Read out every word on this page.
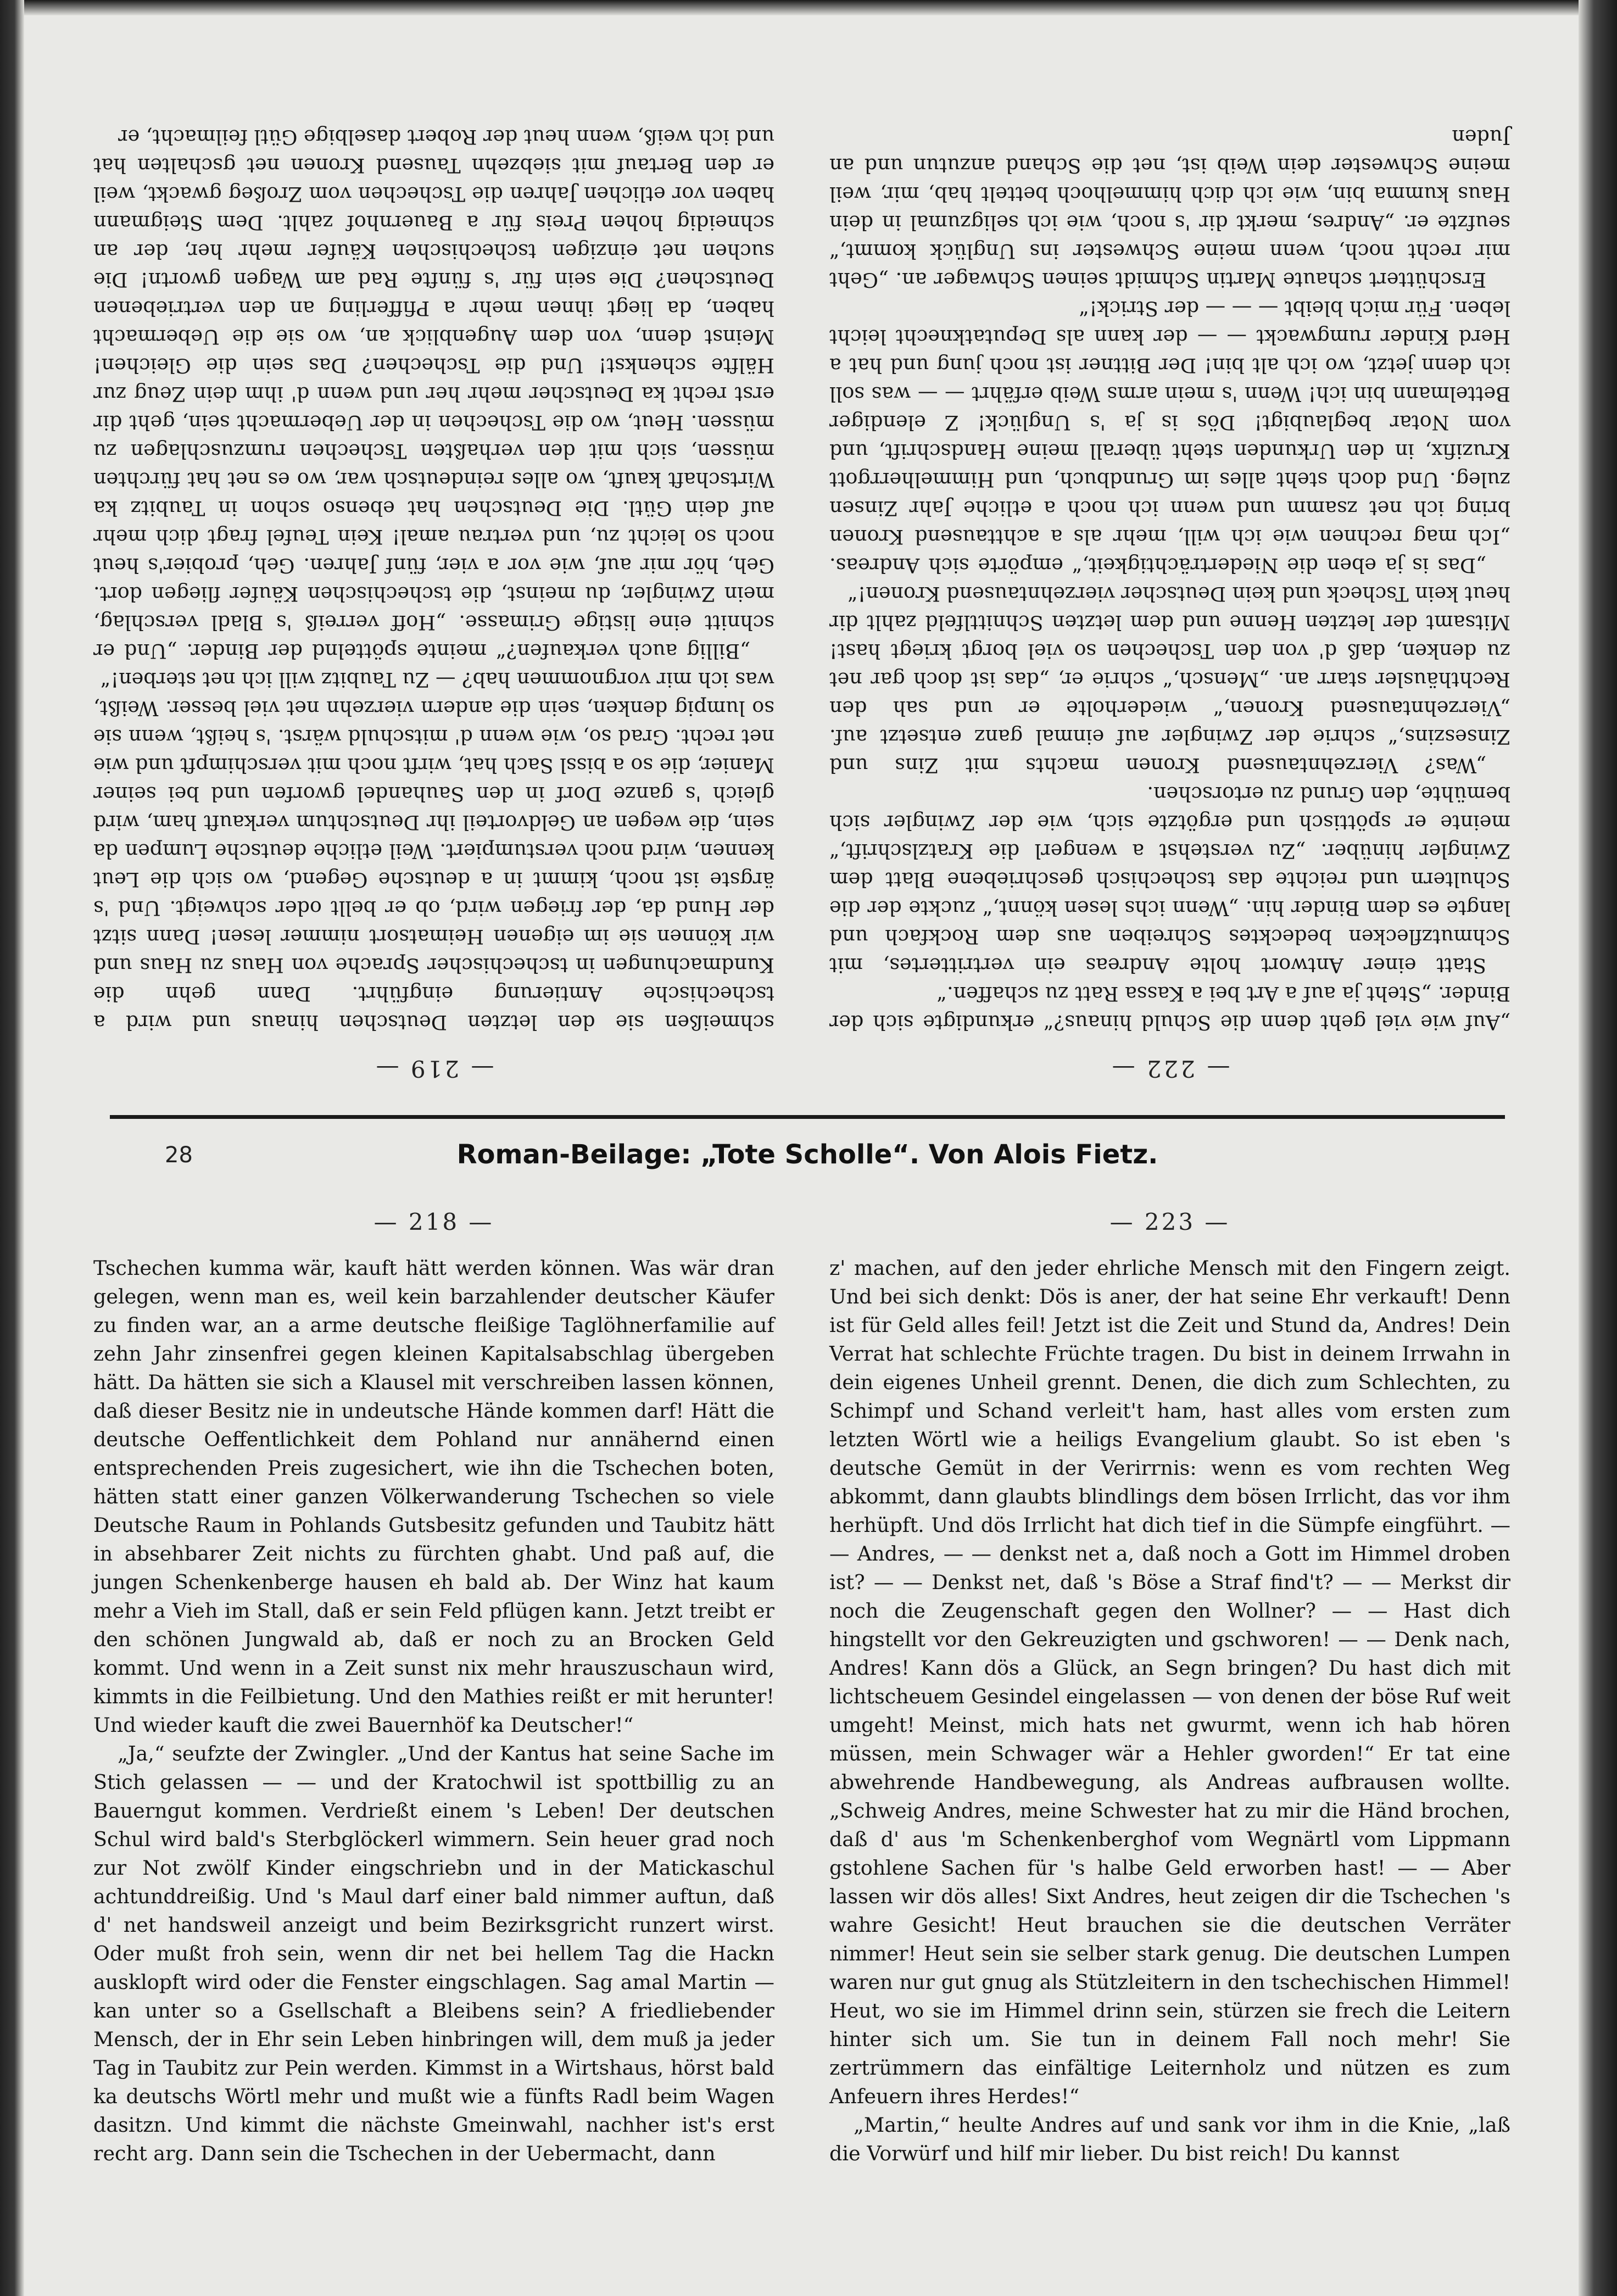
— 222 —

„Auf wie viel geht denn die Schuld hinaus?“ erkundigte sich der Binder. „Steht ja auf a Art bei a Kassa Ratt zu schaffen.“

Statt einer Antwort holte Andreas ein vertrittertes, mit Schmutzflecken bedecktes Schreiben aus dem Rockfach und langte es dem Binder hin. „Wenn ichs lesen könnt,“ zuckte der die Schultern und reichte das tschechisch geschriebene Blatt dem Zwingler hinüber. „Zu verstehst a wengerl die Kratzlschrift,“ meinte er spöttisch und ergötzte sich, wie der Zwingler sich bemühte, den Grund zu ertorschen.

„Was? Vierzehntausend Kronen machts mit Zins und Zinseszins,“ schrie der Zwingler auf einmal ganz entsetzt auf. „Vierzehntausend Kronen,“ wiederholte er und sah den Rechthäusler starr an. „Mensch,“ schrie er, „das ist doch gar net zu denken, daß d' von den Tschechen so viel borgt kriegt hast! Mitsamt der letzten Henne und dem letzten Schnittlfeld zahlt dir heut kein Tscheck und kein Deutscher vierzehntausend Kronen!“

„Das is ja eben die Niederträchtigkeit,“ empörte sich Andreas. „Ich mag rechnen wie ich will, mehr als a achttausend Kronen bring ich net zsamm und wenn ich noch a etliche Jahr Zinsen zuleg. Und doch steht alles im Grundbuch, und Himmelherrgott Kruzifix, in den Urkunden steht überall meine Handschrift, und vom Notar beglaubigt! Dös is ja 's Unglück! Z elendiger Bettelmann bin ich! Wenn 's mein arms Weib erfährt — — was soll ich denn jetzt, wo ich alt bin! Der Bittner ist noch jung und hat a Herd Kinder rumgwackt — — der kann als Deputatknecht leicht leben. Für mich bleibt — — — der Strick!“

Erschüttert schaute Martin Schmidt seinen Schwager an. „Geht mir recht noch, wenn meine Schwester ins Unglück kommt,“ seufzte er. „Andres, merkt dir 's noch, wie ich seligzumal in dein Haus kumma bin, wie ich dich himmelhoch bettelt hab, mir, weil meine Schwester dein Weib ist, net die Schand anzutun und an Juden

— 219 —

schmeißen sie den letzten Deutschen hinaus und wird a tschechische Amtierung eingführt. Dann gehn die Kundmachungen in tschechischer Sprache von Haus zu Haus und wir können sie im eigenen Heimatsort nimmer lesen! Dann sitzt der Hund da, der friegen wird, ob er bellt oder schweigt. Und 's ärgste ist noch, kimmt in a deutsche Gegend, wo sich die Leut kennen, wird noch verstumpiert. Weil etliche deutsche Lumpen da sein, die wegen an Geldvorteil ihr Deutschtum verkauft ham, wird gleich 's ganze Dorf in den Sauhandel gworfen und bei seiner Manier, die so a bissl Sach hat, wirft noch mit verschimpft und wie net recht. Grad so, wie wenn d' mitschuld wärst. 's heißt, wenn sie so lumpig denken, sein die andern vierzehn net viel besser. Weißt, was ich mir vorgnommen hab? — Zu Taubitz will ich net sterben!“

„Billig auch verkaufen?“ meinte spöttelnd der Binder. „Und er schnitt eine listige Grimasse. „Hoff verreiß 's Bladl verschlag, mein Zwingler, du meinst, die tschechischen Käufer fliegen dort. Geh, hör mir auf, wie vor a vier, fünf Jahren. Geh, probier's heut noch so leicht zu, und vertrau amal! Kein Teufel fragt dich mehr auf dein Gütl. Die Deutschen hat ebenso schon in Taubitz ka Wirtschaft kauft, wo alles reindeutsch war, wo es net hat fürchten müssen, sich mit den verhaßten Tschechen rumzuschlagen zu müssen. Heut, wo die Tschechen in der Uebermacht sein, geht dir erst recht ka Deutscher mehr her und wenn d' ihm dein Zeug zur Hälfte schenkst! Und die Tschechen? Das sein die Gleichen! Meinst denn, von dem Augenblick an, wo sie die Uebermacht haben, da liegt ihnen mehr a Pfifferling an den vertriebenen Deutschen? Die sein für 's fünfte Rad am Wagen gwortn! Die suchen net einzigen tschechischen Käufer mehr her, der an schneidig hohen Preis für a Bauernhof zahlt. Dem Steigmann haben vor etlichen Jahren die Tschechen vom Zroßeg gwackt, weil er den Bertauf mit siebzehn Tausend Kronen net gschalten hat und ich weiß, wenn heut der Robert daselbige Gütl feilmacht, er

28	Roman-Beilage: „Tote Scholle“. Von Alois Fietz.
— 218 —

Tschechen kumma wär, kauft hätt werden können. Was wär dran gelegen, wenn man es, weil kein barzahlender deutscher Käufer zu finden war, an a arme deutsche fleißige Taglöhnerfamilie auf zehn Jahr zinsenfrei gegen kleinen Kapitalsabschlag übergeben hätt. Da hätten sie sich a Klausel mit verschreiben lassen können, daß dieser Besitz nie in undeutsche Hände kommen darf! Hätt die deutsche Oeffentlichkeit dem Pohland nur annähernd einen entsprechenden Preis zugesichert, wie ihn die Tschechen boten, hätten statt einer ganzen Völkerwanderung Tschechen so viele Deutsche Raum in Pohlands Gutsbesitz gefunden und Taubitz hätt in absehbarer Zeit nichts zu fürchten ghabt. Und paß auf, die jungen Schenkenberge hausen eh bald ab. Der Winz hat kaum mehr a Vieh im Stall, daß er sein Feld pflügen kann. Jetzt treibt er den schönen Jungwald ab, daß er noch zu an Brocken Geld kommt. Und wenn in a Zeit sunst nix mehr hrauszuschaun wird, kimmts in die Feilbietung. Und den Mathies reißt er mit herunter! Und wieder kauft die zwei Bauernhöf ka Deutscher!“

„Ja,“ seufzte der Zwingler. „Und der Kantus hat seine Sache im Stich gelassen — — und der Kratochwil ist spottbillig zu an Bauerngut kommen. Verdrießt einem 's Leben! Der deutschen Schul wird bald's Sterbglöckerl wimmern. Sein heuer grad noch zur Not zwölf Kinder eingschriebn und in der Matickaschul achtunddreißig. Und 's Maul darf einer bald nimmer auftun, daß d' net handsweil anzeigt und beim Bezirksgricht runzert wirst. Oder mußt froh sein, wenn dir net bei hellem Tag die Hackn ausklopft wird oder die Fenster eingschlagen. Sag amal Martin — kan unter so a Gsellschaft a Bleibens sein? A friedliebender Mensch, der in Ehr sein Leben hinbringen will, dem muß ja jeder Tag in Taubitz zur Pein werden. Kimmst in a Wirtshaus, hörst bald ka deutschs Wörtl mehr und mußt wie a fünfts Radl beim Wagen dasitzn. Und kimmt die nächste Gmeinwahl, nachher ist's erst recht arg. Dann sein die Tschechen in der Uebermacht, dann

— 223 —

z' machen, auf den jeder ehrliche Mensch mit den Fingern zeigt. Und bei sich denkt: Dös is aner, der hat seine Ehr verkauft! Denn ist für Geld alles feil! Jetzt ist die Zeit und Stund da, Andres! Dein Verrat hat schlechte Früchte tragen. Du bist in deinem Irrwahn in dein eigenes Unheil grennt. Denen, die dich zum Schlechten, zu Schimpf und Schand verleit't ham, hast alles vom ersten zum letzten Wörtl wie a heiligs Evangelium glaubt. So ist eben 's deutsche Gemüt in der Verirrnis: wenn es vom rechten Weg abkommt, dann glaubts blindlings dem bösen Irrlicht, das vor ihm herhüpft. Und dös Irrlicht hat dich tief in die Sümpfe eingführt. — — Andres, — — denkst net a, daß noch a Gott im Himmel droben ist? — — Denkst net, daß 's Böse a Straf find't? — — Merkst dir noch die Zeugenschaft gegen den Wollner? — — Hast dich hingstellt vor den Gekreuzigten und gschworen! — — Denk nach, Andres! Kann dös a Glück, an Segn bringen? Du hast dich mit lichtscheuem Gesindel eingelassen — von denen der böse Ruf weit umgeht! Meinst, mich hats net gwurmt, wenn ich hab hören müssen, mein Schwager wär a Hehler gworden!“ Er tat eine abwehrende Handbewegung, als Andreas aufbrausen wollte. „Schweig Andres, meine Schwester hat zu mir die Händ brochen, daß d' aus 'm Schenkenberghof vom Wegnärtl vom Lippmann gstohlene Sachen für 's halbe Geld erworben hast! — — Aber lassen wir dös alles! Sixt Andres, heut zeigen dir die Tschechen 's wahre Gesicht! Heut brauchen sie die deutschen Verräter nimmer! Heut sein sie selber stark genug. Die deutschen Lumpen waren nur gut gnug als Stützleitern in den tschechischen Himmel! Heut, wo sie im Himmel drinn sein, stürzen sie frech die Leitern hinter sich um. Sie tun in deinem Fall noch mehr! Sie zertrümmern das einfältige Leiternholz und nützen es zum Anfeuern ihres Herdes!“

„Martin,“ heulte Andres auf und sank vor ihm in die Knie, „laß die Vorwürf und hilf mir lieber. Du bist reich! Du kannst
